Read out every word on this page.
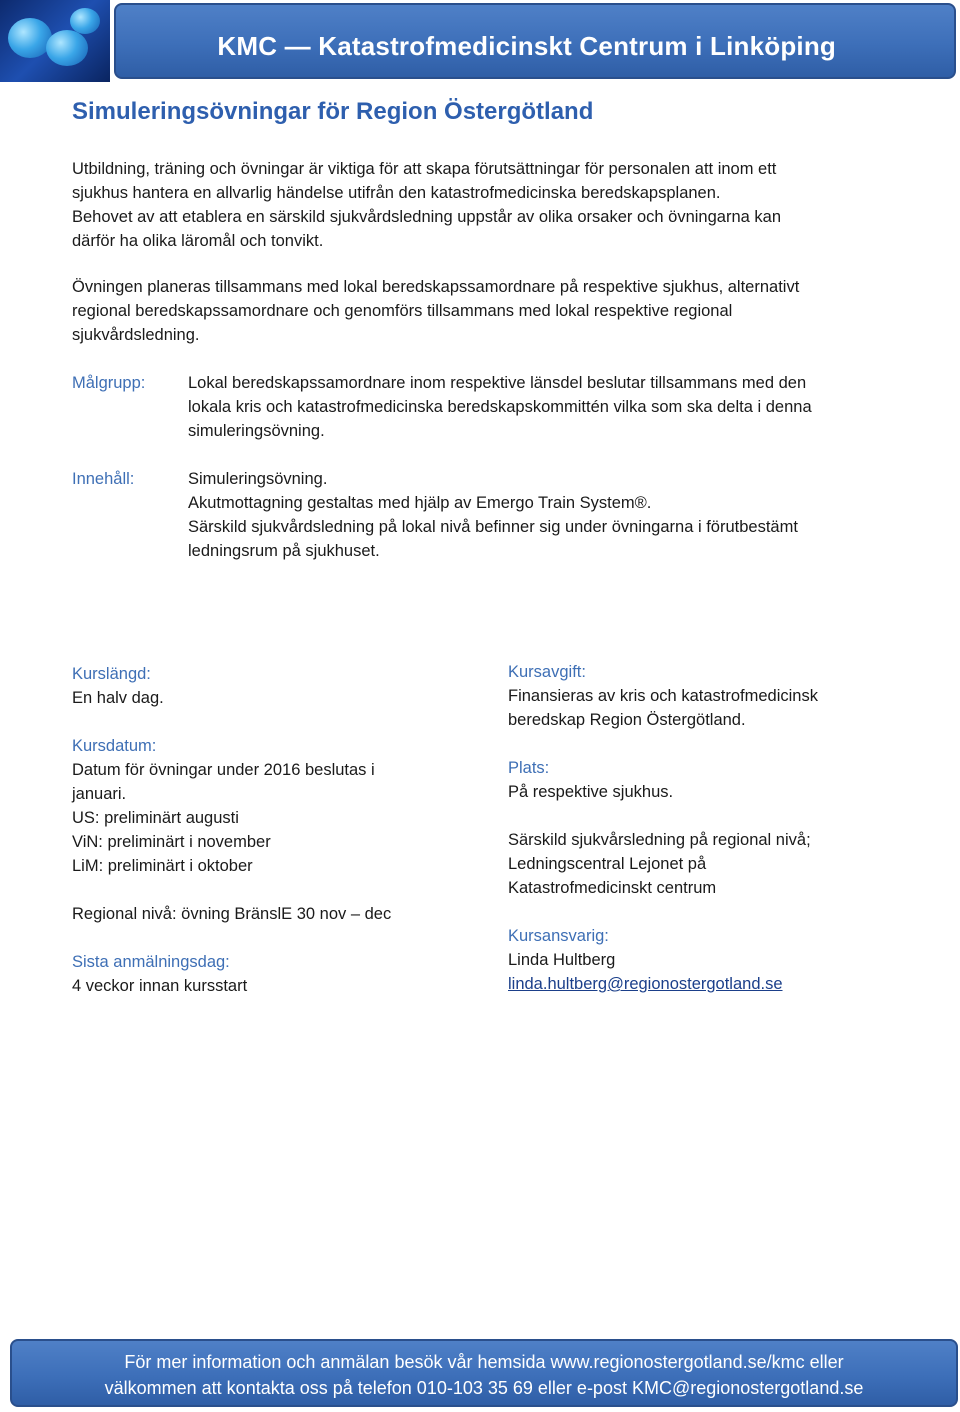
KMC — Katastrofmedicinskt Centrum i Linköping
Simuleringsövningar för Region Östergötland
Utbildning, träning och övningar är viktiga för att skapa förutsättningar för personalen att inom ett
sjukhus hantera en allvarlig händelse utifrån den katastrofmedicinska beredskapsplanen.
Behovet av att etablera en särskild sjukvårdsledning uppstår av olika orsaker och övningarna kan
därför ha olika läromål och tonvikt.
Övningen planeras tillsammans med lokal beredskapssamordnare på respektive sjukhus, alternativt
regional beredskapssamordnare och genomförs tillsammans med lokal respektive regional
sjukvårdsledning.
Målgrupp:	Lokal beredskapssamordnare inom respektive länsdel beslutar tillsammans med den
lokala kris och katastrofmedicinska beredskapskommittén vilka som ska delta i denna
simuleringsövning.
Innehåll:	Simuleringsövning.
Akutmottagning gestaltas med hjälp av Emergo Train System®.
Särskild sjukvårdsledning på lokal nivå befinner sig under övningarna i förutbestämt
ledningsrum på sjukhuset.
Kurslängd:
En halv dag.
Kursdatum:
Datum för övningar under 2016 beslutas i
januari.
US: preliminärt augusti
ViN: preliminärt i november
LiM: preliminärt i oktober
Regional nivå: övning BränslE 30 nov – dec
Sista anmälningsdag:
4 veckor innan kursstart
Kursavgift:
Finansieras av kris och katastrofmedicinsk
beredskap Region Östergötland.
Plats:
På respektive sjukhus.
Särskild sjukvårsledning på regional nivå;
Ledningscentral Lejonet på
Katastrofmedicinskt centrum
Kursansvarig:
Linda Hultberg
linda.hultberg@regionostergotland.se
För mer information och anmälan besök vår hemsida www.regionostergotland.se/kmc eller
välkommen att kontakta oss på telefon 010-103 35 69 eller e-post KMC@regionostergotland.se
